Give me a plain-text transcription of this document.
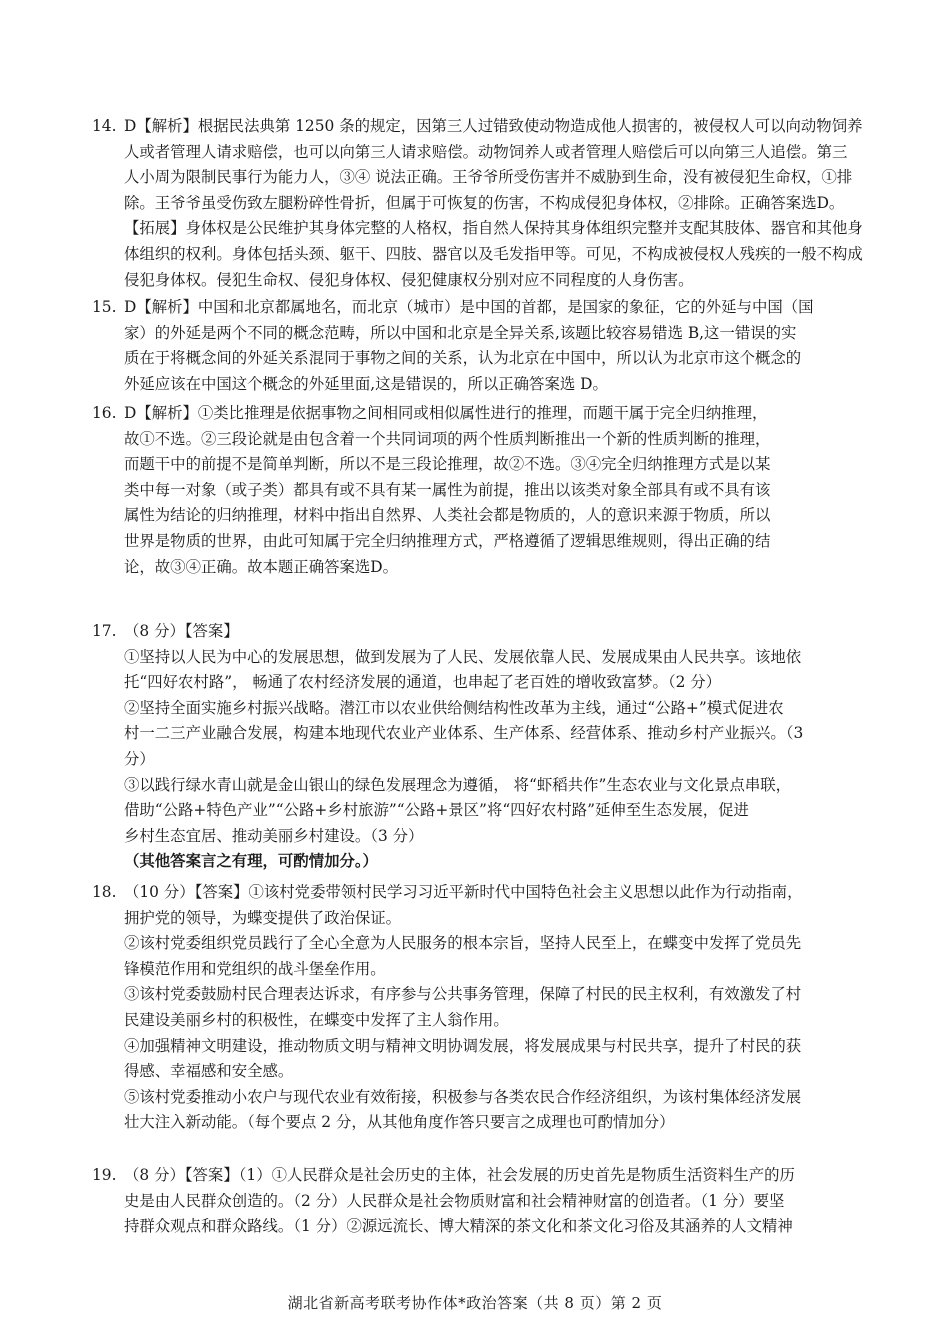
14. D【解析】根据民法典第 1250 条的规定，因第三人过错致使动物造成他人损害的，被侵权人可以向动物饲养
人或者管理人请求赔偿，也可以向第三人请求赔偿。动物饲养人或者管理人赔偿后可以向第三人追偿。第三
人小周为限制民事行为能力人，③④ 说法正确。王爷爷所受伤害并不威胁到生命，没有被侵犯生命权，①排
除。王爷爷虽受伤致左腿粉碎性骨折，但属于可恢复的伤害，不构成侵犯身体权，②排除。正确答案选D。
【拓展】身体权是公民维护其身体完整的人格权，指自然人保持其身体组织完整并支配其肢体、器官和其他身
体组织的权利。身体包括头颈、躯干、四肢、器官以及毛发指甲等。可见，不构成被侵权人残疾的一般不构成
侵犯身体权。侵犯生命权、侵犯身体权、侵犯健康权分别对应不同程度的人身伤害。
15. D【解析】中国和北京都属地名，而北京（城市）是中国的首都，是国家的象征，它的外延与中国（国
家）的外延是两个不同的概念范畴，所以中国和北京是全异关系,该题比较容易错选 B,这一错误的实
质在于将概念间的外延关系混同于事物之间的关系，认为北京在中国中，所以认为北京市这个概念的
外延应该在中国这个概念的外延里面,这是错误的，所以正确答案选 D。
16. D【解析】①类比推理是依据事物之间相同或相似属性进行的推理，而题干属于完全归纳推理，
故①不选。②三段论就是由包含着一个共同词项的两个性质判断推出一个新的性质判断的推理，
而题干中的前提不是简单判断，所以不是三段论推理，故②不选。③④完全归纳推理方式是以某
类中每一对象（或子类）都具有或不具有某一属性为前提，推出以该类对象全部具有或不具有该
属性为结论的归纳推理，材料中指出自然界、人类社会都是物质的，人的意识来源于物质，所以
世界是物质的世界，由此可知属于完全归纳推理方式，严格遵循了逻辑思维规则，得出正确的结
论，故③④正确。故本题正确答案选D。
17. （8 分）【答案】
①坚持以人民为中心的发展思想，做到发展为了人民、发展依靠人民、发展成果由人民共享。该地依
托“四好农村路”， 畅通了农村经济发展的通道，也串起了老百姓的增收致富梦。（2 分）
②坚持全面实施乡村振兴战略。潜江市以农业供给侧结构性改革为主线，通过“公路+”模式促进农
村一二三产业融合发展，构建本地现代农业产业体系、生产体系、经营体系、推动乡村产业振兴。（3
分）
③以践行绿水青山就是金山银山的绿色发展理念为遵循， 将“虾稻共作”生态农业与文化景点串联，
借助“公路+特色产业”“公路+乡村旅游”“公路+景区”将“四好农村路”延伸至生态发展，促进
乡村生态宜居、推动美丽乡村建设。（3 分）
（其他答案言之有理，可酌情加分。）
18. （10 分）【答案】①该村党委带领村民学习习近平新时代中国特色社会主义思想以此作为行动指南，
拥护党的领导，为蝶变提供了政治保证。
②该村党委组织党员践行了全心全意为人民服务的根本宗旨，坚持人民至上，在蝶变中发挥了党员先
锋模范作用和党组织的战斗堡垒作用。
③该村党委鼓励村民合理表达诉求，有序参与公共事务管理，保障了村民的民主权利，有效激发了村
民建设美丽乡村的积极性，在蝶变中发挥了主人翁作用。
④加强精神文明建设，推动物质文明与精神文明协调发展，将发展成果与村民共享，提升了村民的获
得感、幸福感和安全感。
⑤该村党委推动小农户与现代农业有效衔接，积极参与各类农民合作经济组织，为该村集体经济发展
壮大注入新动能。（每个要点 2 分，从其他角度作答只要言之成理也可酌情加分）
19. （8 分）【答案】（1）①人民群众是社会历史的主体，社会发展的历史首先是物质生活资料生产的历
史是由人民群众创造的。（2 分）人民群众是社会物质财富和社会精神财富的创造者。（1 分）要坚
持群众观点和群众路线。（1 分）②源远流长、博大精深的茶文化和茶文化习俗及其涵养的人文精神
湖北省新高考联考协作体*政治答案（共 8 页）第 2 页
